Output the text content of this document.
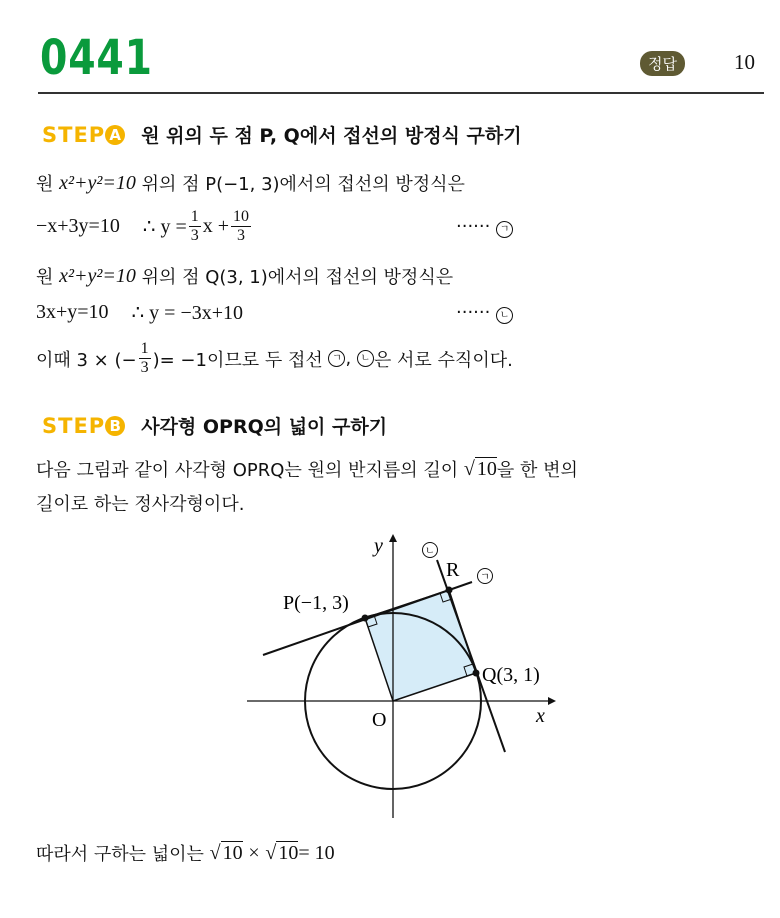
0441	정답	10
STEP A 원 위의 두 점 P, Q에서 접선의 방정식 구하기
원
x²+y²=10
위의 점 P(−1, 3)에서의 접선의 방정식은
−x+3y=10
∴ $y = \frac{1}{3}$ $x + \frac{10}{3}$	······ ㄱ
원
x²+y²=10
위의 점 Q(3, 1)에서의 접선의 방정식은
3x+y=10
∴ y = −3x+10	······ ㄴ
이때 3 × (− $\frac{1}{3}$ )= −1이므로 두 접선
ㄱ ,
ㄴ 은 서로 수직이다.
STEP B 사각형 OPRQ의 넓이 구하기
다음 그림과 같이 사각형 OPRQ는 원의 반지름의 길이
√ 10 을 한 변의
길이로 하는 정사각형이다.
P(−1, 3)
Q(3, 1)
R
O	x
y	ㄴ
ㄱ
따라서 구하는 넓이는
√ 10
×
√ 10 = 10
